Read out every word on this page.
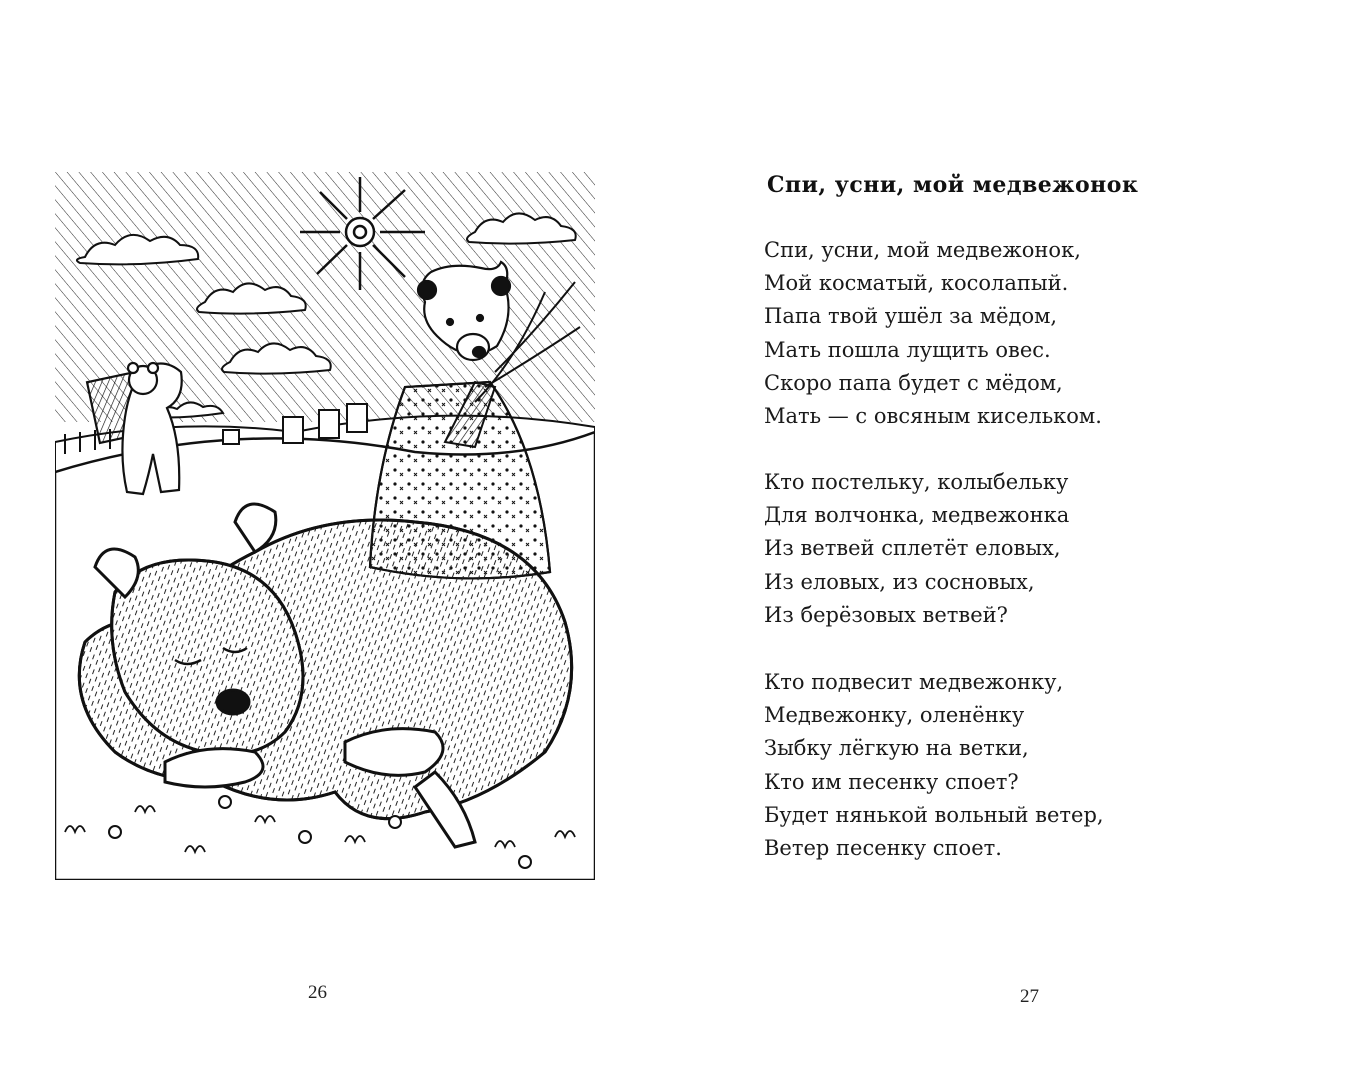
26
Спи, усни, мой медвежонок
Спи, усни, мой медвежонок,
Мой косматый, косолапый.
Папа твой ушёл за мёдом,
Мать пошла лущить овес.
Скоро папа будет с мёдом,
Мать — с овсяным кисельком.
Кто постельку, колыбельку
Для волчонка, медвежонка
Из ветвей сплетёт еловых,
Из еловых, из сосновых,
Из берёзовых ветвей?
Кто подвесит медвежонку,
Медвежонку, оленёнку
Зыбку лёгкую на ветки,
Кто им песенку споет?
Будет нянькой вольный ветер,
Ветер песенку споет.
27
